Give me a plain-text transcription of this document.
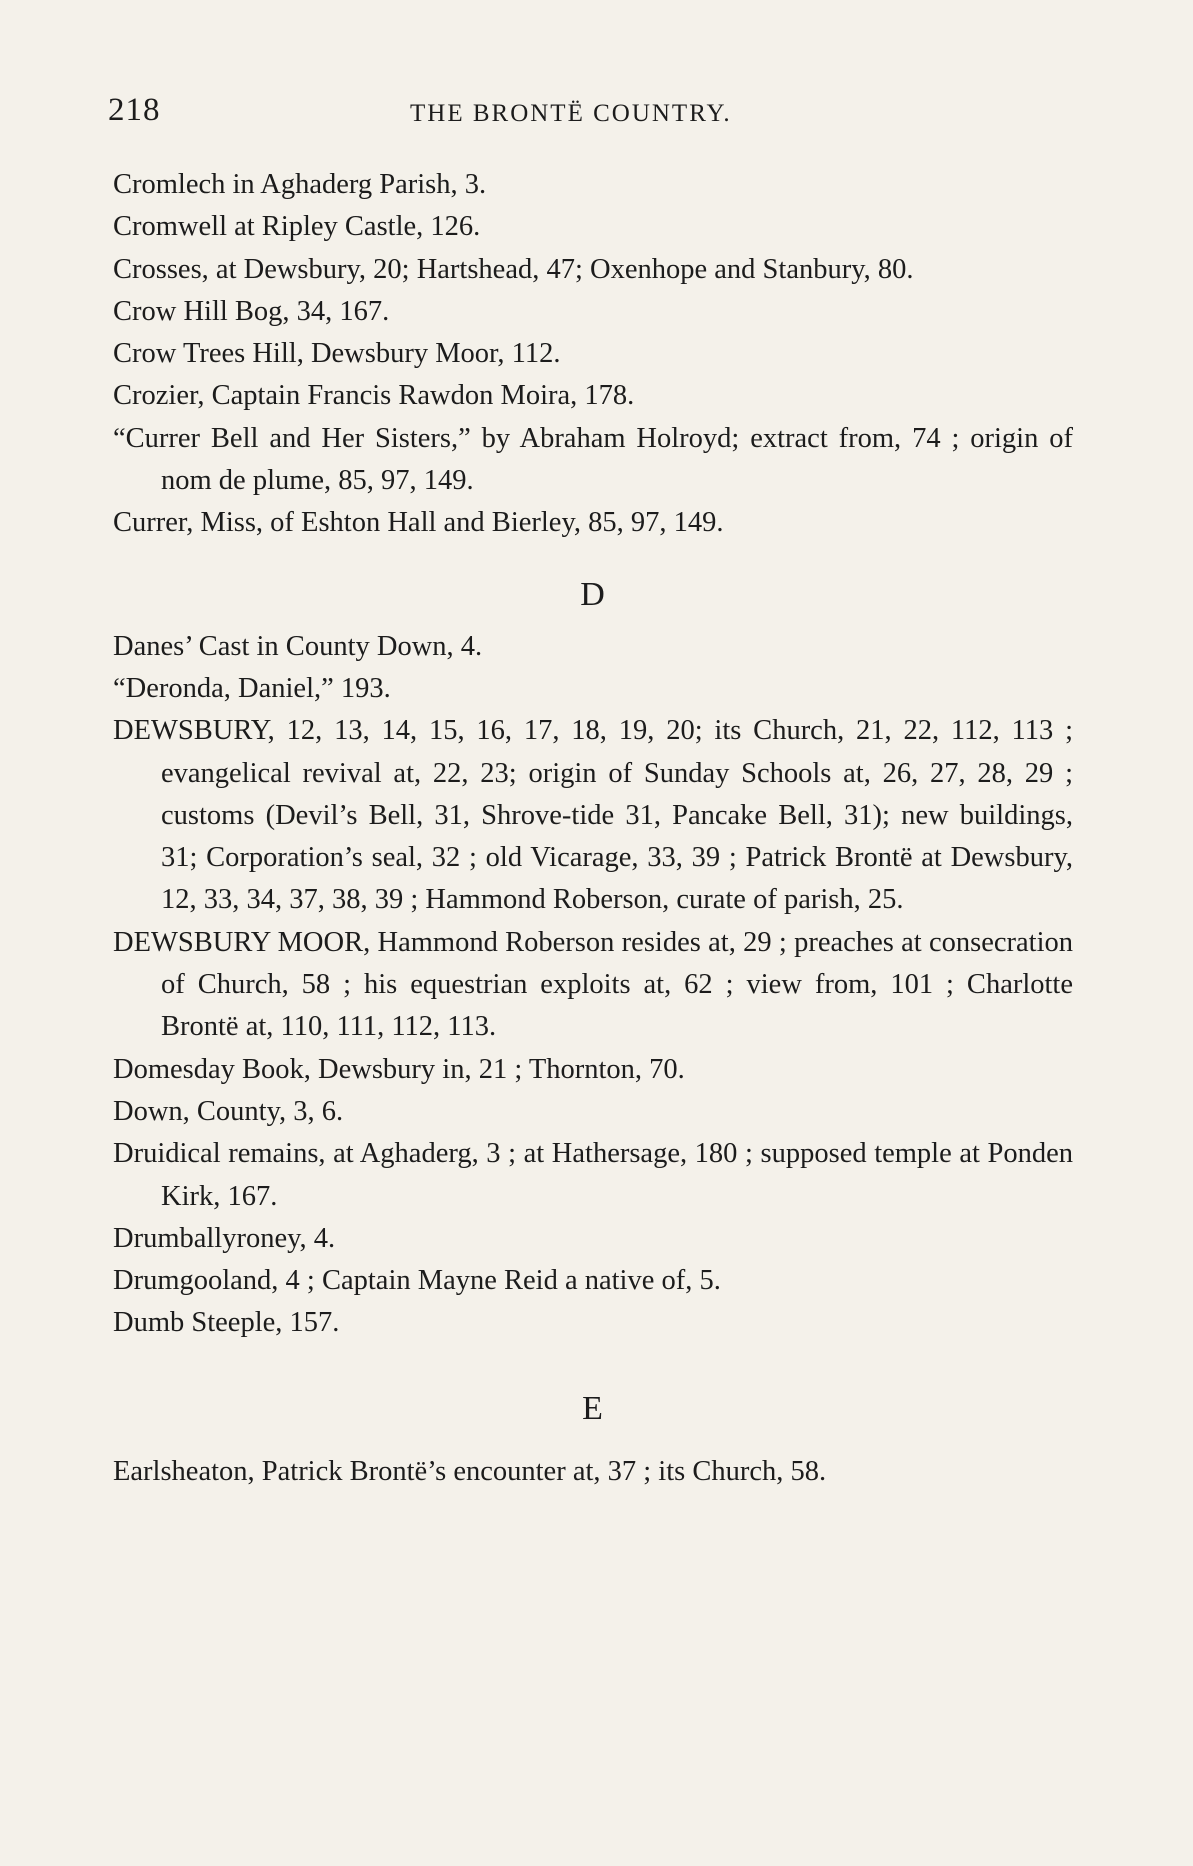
218	THE BRONTË COUNTRY.

Cromlech in Aghaderg Parish, 3.

Cromwell at Ripley Castle, 126.

Crosses, at Dewsbury, 20; Hartshead, 47; Oxenhope and Stanbury, 80.

Crow Hill Bog, 34, 167.

Crow Trees Hill, Dewsbury Moor, 112.

Crozier, Captain Francis Rawdon Moira, 178.

“Currer Bell and Her Sisters,” by Abraham Holroyd; extract from, 74 ; origin of nom de plume, 85, 97, 149.

Currer, Miss, of Eshton Hall and Bierley, 85, 97, 149.

D

Danes’ Cast in County Down, 4.

“Deronda, Daniel,” 193.

DEWSBURY, 12, 13, 14, 15, 16, 17, 18, 19, 20; its Church, 21, 22, 112, 113 ; evangelical revival at, 22, 23; origin of Sunday Schools at, 26, 27, 28, 29 ; customs (Devil’s Bell, 31, Shrove-tide 31, Pancake Bell, 31); new buildings, 31; Corporation’s seal, 32 ; old Vicarage, 33, 39 ; Patrick Brontë at Dewsbury, 12, 33, 34, 37, 38, 39 ; Hammond Roberson, curate of parish, 25.

DEWSBURY MOOR, Hammond Roberson resides at, 29 ; preaches at consecration of Church, 58 ; his equestrian exploits at, 62 ; view from, 101 ; Charlotte Brontë at, 110, 111, 112, 113.

Domesday Book, Dewsbury in, 21 ; Thornton, 70.

Down, County, 3, 6.

Druidical remains, at Aghaderg, 3 ; at Hathersage, 180 ; supposed temple at Ponden Kirk, 167.

Drumballyroney, 4.

Drumgooland, 4 ; Captain Mayne Reid a native of, 5.

Dumb Steeple, 157.

E

Earlsheaton, Patrick Brontë’s encounter at, 37 ; its Church, 58.
